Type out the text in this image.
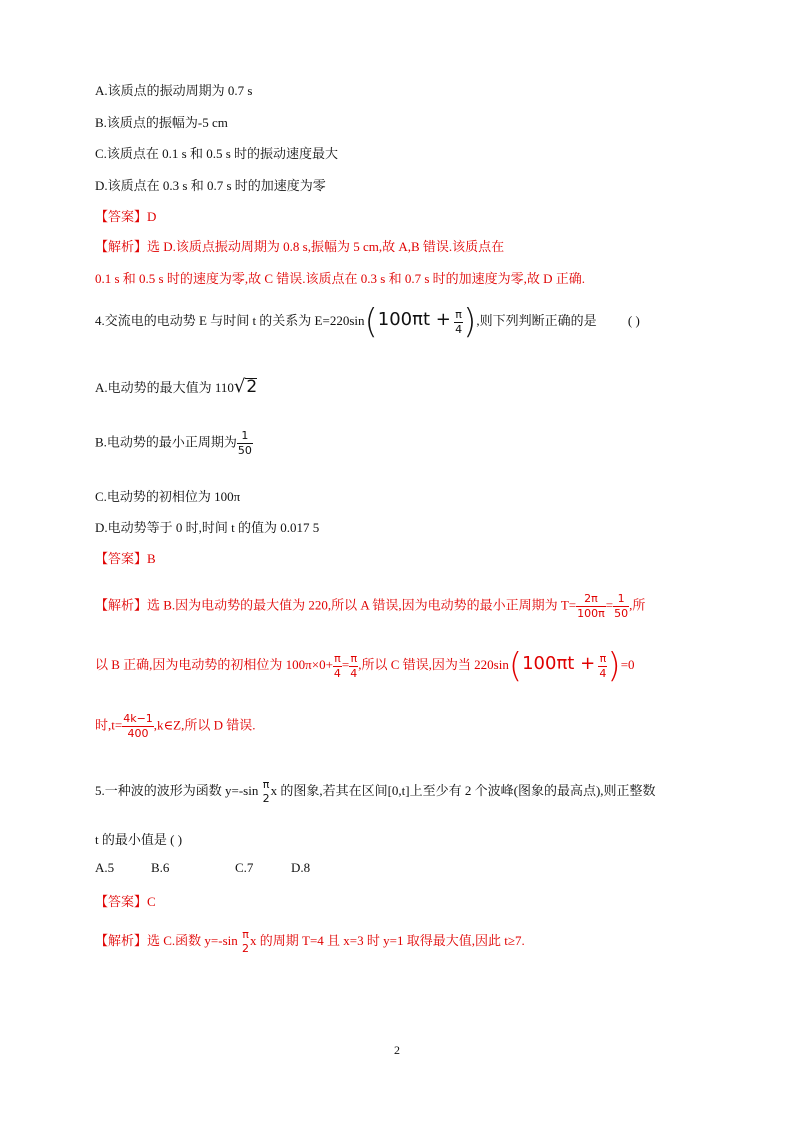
A.该质点的振动周期为 0.7 s
B.该质点的振幅为-5 cm
C.该质点在 0.1 s 和 0.5 s 时的振动速度最大
D.该质点在 0.3 s 和 0.7 s 时的加速度为零
【答案】D
【解析】选 D.该质点振动周期为 0.8 s,振幅为 5 cm,故 A,B 错误.该质点在
0.1 s 和 0.5 s 时的速度为零,故 C 错误.该质点在 0.3 s 和 0.7 s 时的加速度为零,故 D 正确.
4.交流电的电动势 E 与时间 t 的关系为 $E=220\sin(100\pi t + \frac{\pi}{4}$ ),则下列判断正确的是 ( )
A.电动势的最大值为 110√2
B.电动势的最小正周期为 $\frac{1}{50}$
C.电动势的初相位为 100π
D.电动势等于 0 时,时间 t 的值为 0.017 5
【答案】B
【解析】选 B.因为电动势的最大值为 220,所以 A 错误,因为电动势的最小正周期为 $T= \frac{2\pi}{100\pi} = \frac{1}{50}$ ,所
以 B 正确,因为电动势的初相位为 $100\pi\times 0+ \frac{\pi}{4} = \frac{\pi}{4}$ ,所以 C 错误,因为当 $220\sin(100\pi t + \frac{\pi}{4} )=0$
时$,t= \frac{4k-1}{400}$ ,k∈Z,所以 D 错误.
5.一种波的波形为函数 y=-sin π
2
x 的图象,若其在区间[0,t]上至少有 2 个波峰(图象的最高点),则正整数
t 的最小值是 ( )
A.5	B.6	C.7	D.8
【答案】C
【解析】选 C.函数 y=-sin π
2
x 的周期 T=4 且 x=3 时 y=1 取得最大值,因此 t≥7.
2
